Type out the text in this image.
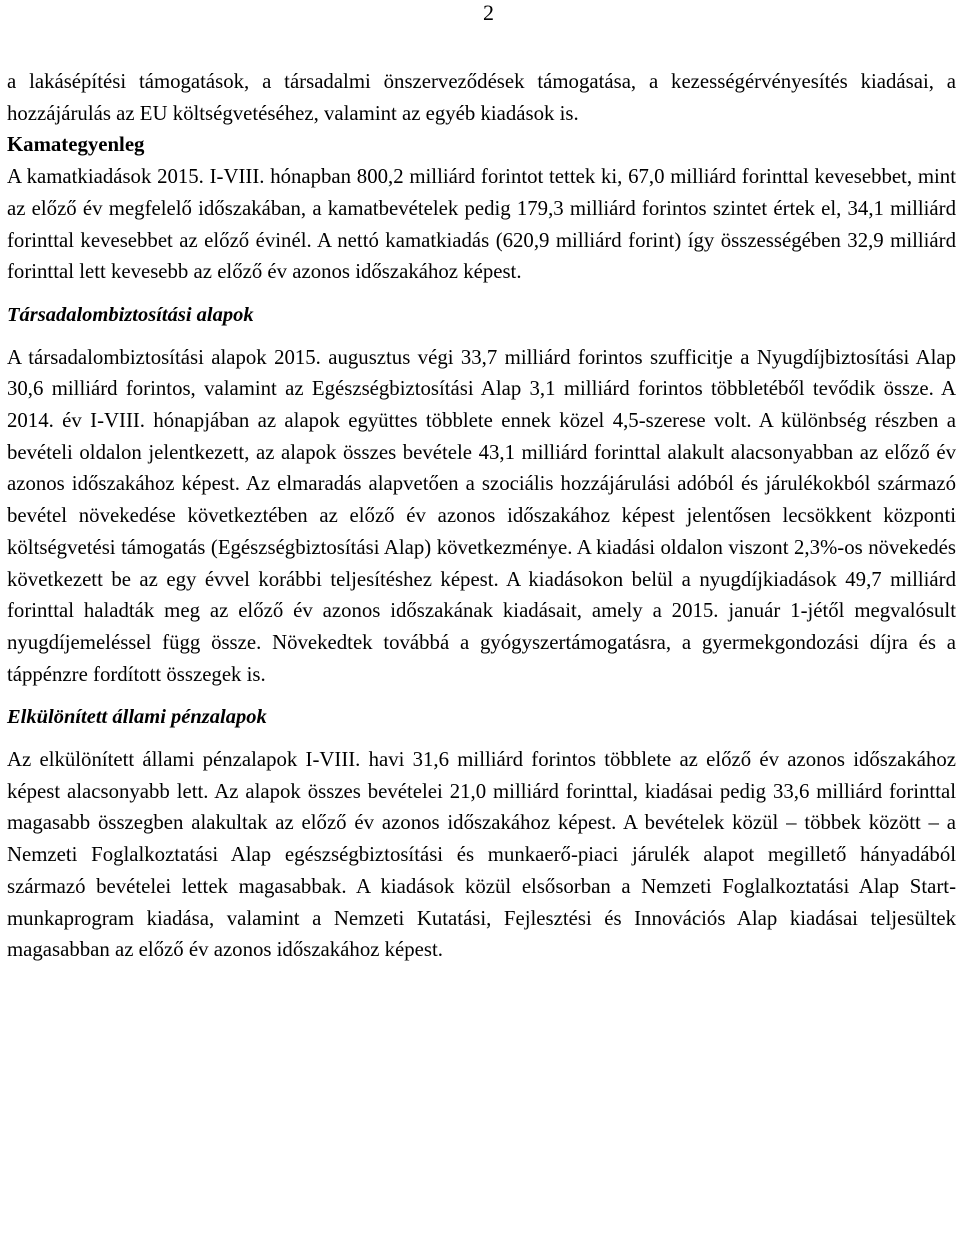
2

a lakásépítési támogatások, a társadalmi önszerveződések támogatása, a kezességérvényesítés kiadásai, a hozzájárulás az EU költségvetéséhez, valamint az egyéb kiadások is.

Kamategyenleg

A kamatkiadások 2015. I-VIII. hónapban 800,2 milliárd forintot tettek ki, 67,0 milliárd forinttal kevesebbet, mint az előző év megfelelő időszakában, a kamatbevételek pedig 179,3 milliárd forintos szintet értek el, 34,1 milliárd forinttal kevesebbet az előző évinél. A nettó kamatkiadás (620,9 milliárd forint) így összességében 32,9 milliárd forinttal lett kevesebb az előző év azonos időszakához képest.

Társadalombiztosítási alapok

A társadalombiztosítási alapok 2015. augusztus végi 33,7 milliárd forintos szufficitje a Nyugdíjbiztosítási Alap 30,6 milliárd forintos, valamint az Egészségbiztosítási Alap 3,1 milliárd forintos többletéből tevődik össze. A 2014. év I-VIII. hónapjában az alapok együttes többlete ennek közel 4,5-szerese volt. A különbség részben a bevételi oldalon jelentkezett, az alapok összes bevétele 43,1 milliárd forinttal alakult alacsonyabban az előző év azonos időszakához képest. Az elmaradás alapvetően a szociális hozzájárulási adóból és járulékokból származó bevétel növekedése következtében az előző év azonos időszakához képest jelentősen lecsökkent központi költségvetési támogatás (Egészségbiztosítási Alap) következménye. A kiadási oldalon viszont 2,3%-os növekedés következett be az egy évvel korábbi teljesítéshez képest. A kiadásokon belül a nyugdíjkiadások 49,7 milliárd forinttal haladták meg az előző év azonos időszakának kiadásait, amely a 2015. január 1-jétől megvalósult nyugdíjemeléssel függ össze. Növekedtek továbbá a gyógyszertámogatásra, a gyermekgondozási díjra és a táppénzre fordított összegek is.

Elkülönített állami pénzalapok

Az elkülönített állami pénzalapok I-VIII. havi 31,6 milliárd forintos többlete az előző év azonos időszakához képest alacsonyabb lett. Az alapok összes bevételei 21,0 milliárd forinttal, kiadásai pedig 33,6 milliárd forinttal magasabb összegben alakultak az előző év azonos időszakához képest. A bevételek közül – többek között – a Nemzeti Foglalkoztatási Alap egészségbiztosítási és munkaerő-piaci járulék alapot megillető hányadából származó bevételei lettek magasabbak. A kiadások közül elsősorban a Nemzeti Foglalkoztatási Alap Start-munkaprogram kiadása, valamint a Nemzeti Kutatási, Fejlesztési és Innovációs Alap kiadásai teljesültek magasabban az előző év azonos időszakához képest.
